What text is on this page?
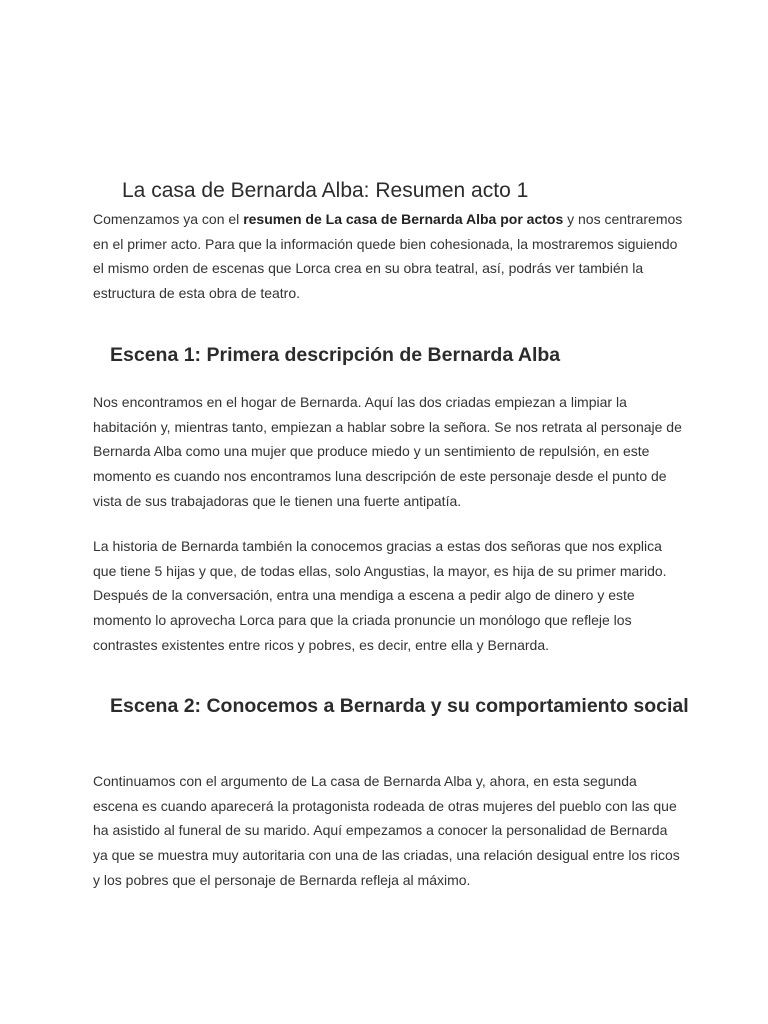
La casa de Bernarda Alba: Resumen acto 1

Comenzamos ya con el resumen de La casa de Bernarda Alba por actos y nos centraremos en el primer acto. Para que la información quede bien cohesionada, la mostraremos siguiendo el mismo orden de escenas que Lorca crea en su obra teatral, así, podrás ver también la estructura de esta obra de teatro.

Escena 1: Primera descripción de Bernarda Alba

Nos encontramos en el hogar de Bernarda. Aquí las dos criadas empiezan a limpiar la habitación y, mientras tanto, empiezan a hablar sobre la señora. Se nos retrata al personaje de Bernarda Alba como una mujer que produce miedo y un sentimiento de repulsión, en este momento es cuando nos encontramos luna descripción de este personaje desde el punto de vista de sus trabajadoras que le tienen una fuerte antipatía.

La historia de Bernarda también la conocemos gracias a estas dos señoras que nos explica que tiene 5 hijas y que, de todas ellas, solo Angustias, la mayor, es hija de su primer marido. Después de la conversación, entra una mendiga a escena a pedir algo de dinero y este momento lo aprovecha Lorca para que la criada pronuncie un monólogo que refleje los contrastes existentes entre ricos y pobres, es decir, entre ella y Bernarda.

Escena 2: Conocemos a Bernarda y su comportamiento social

Continuamos con el argumento de La casa de Bernarda Alba y, ahora, en esta segunda escena es cuando aparecerá la protagonista rodeada de otras mujeres del pueblo con las que ha asistido al funeral de su marido. Aquí empezamos a conocer la personalidad de Bernarda ya que se muestra muy autoritaria con una de las criadas, una relación desigual entre los ricos y los pobres que el personaje de Bernarda refleja al máximo.
